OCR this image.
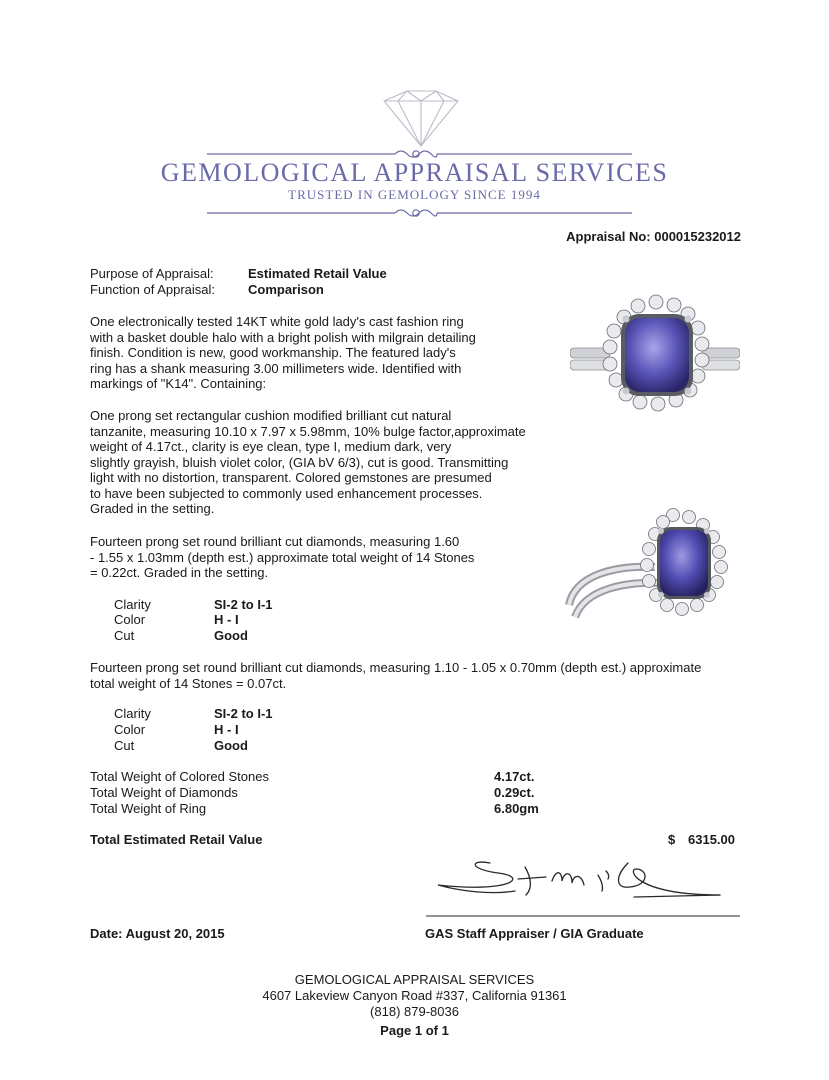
GEMOLOGICAL APPRAISAL SERVICES
TRUSTED IN GEMOLOGY SINCE 1994
Appraisal No: 000015232012
Purpose of Appraisal:	Estimated Retail Value
Function of Appraisal:	Comparison
One electronically tested 14KT white gold lady's cast fashion ring
with a basket double halo with a bright polish with milgrain detailing
finish. Condition is new, good workmanship. The featured lady's
ring has a shank measuring 3.00 millimeters wide. Identified with
markings of "K14". Containing:
One prong set rectangular cushion modified brilliant cut natural
tanzanite, measuring 10.10 x 7.97 x 5.98mm, 10% bulge factor,approximate
weight of 4.17ct., clarity is eye clean, type I, medium dark, very
slightly grayish, bluish violet color, (GIA bV 6/3), cut is good. Transmitting
light with no distortion, transparent. Colored gemstones are presumed
to have been subjected to commonly used enhancement processes.
Graded in the setting.
Fourteen prong set round brilliant cut diamonds, measuring 1.60
- 1.55 x 1.03mm (depth est.) approximate total weight of 14 Stones
= 0.22ct. Graded in the setting.
Clarity	SI-2 to I-1
Color	H - I
Cut	Good
Fourteen prong set round brilliant cut diamonds, measuring 1.10 - 1.05 x 0.70mm (depth est.) approximate
total weight of 14 Stones = 0.07ct.
Clarity	SI-2 to I-1
Color	H - I
Cut	Good
Total Weight of Colored Stones	4.17ct.
Total Weight of Diamonds	0.29ct.
Total Weight of Ring	6.80gm
Total Estimated Retail Value	$ 6315.00
Date: August 20, 2015	GAS Staff Appraiser / GIA Graduate
GEMOLOGICAL APPRAISAL SERVICES
4607 Lakeview Canyon Road #337, California 91361
(818) 879-8036
Page 1 of 1
